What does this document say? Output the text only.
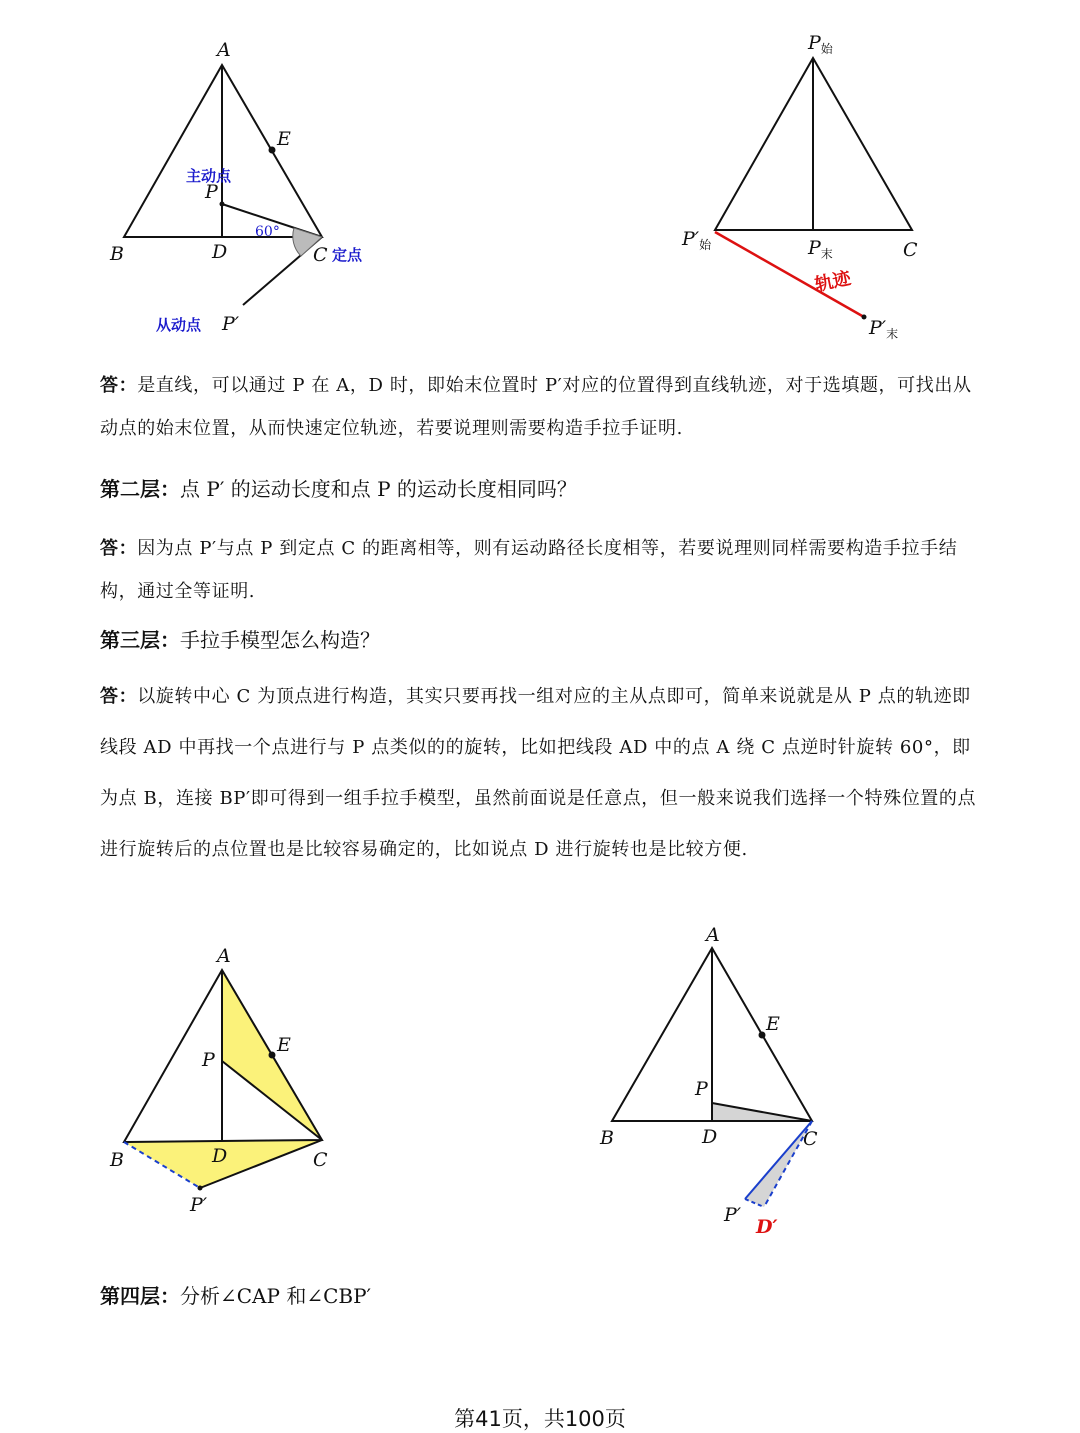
A
E
B	D	C
P
P′
60°
主动点
定点
从动点
$P_始$
$P'_始$	$P_末$	C
$P'_末$
轨迹
答：是直线，可以通过 P 在 A，D 时，即始末位置时 P′对应的位置得到直线轨迹，对于选填题，可找出从动点的始末位置，从而快速定位轨迹，若要说理则需要构造手拉手证明.
第二层：点 P′ 的运动长度和点 P 的运动长度相同吗？
答：因为点 P′与点 P 到定点 C 的距离相等，则有运动路径长度相等，若要说理则同样需要构造手拉手结构，通过全等证明.
第三层：手拉手模型怎么构造？
答：以旋转中心 C 为顶点进行构造，其实只要再找一组对应的主从点即可，简单来说就是从 P 点的轨迹即线段 AD 中再找一个点进行与 P 点类似的的旋转，比如把线段 AD 中的点 A 绕 C 点逆时针旋转 60°，即为点 B，连接 BP′即可得到一组手拉手模型，虽然前面说是任意点，但一般来说我们选择一个特殊位置的点进行旋转后的点位置也是比较容易确定的，比如说点 D 进行旋转也是比较方便.
A
E
P
B	D	C
P′
A
E
P
B	D	C
P′
D′
第四层：分析∠CAP 和∠CBP′
第41页，共100页
